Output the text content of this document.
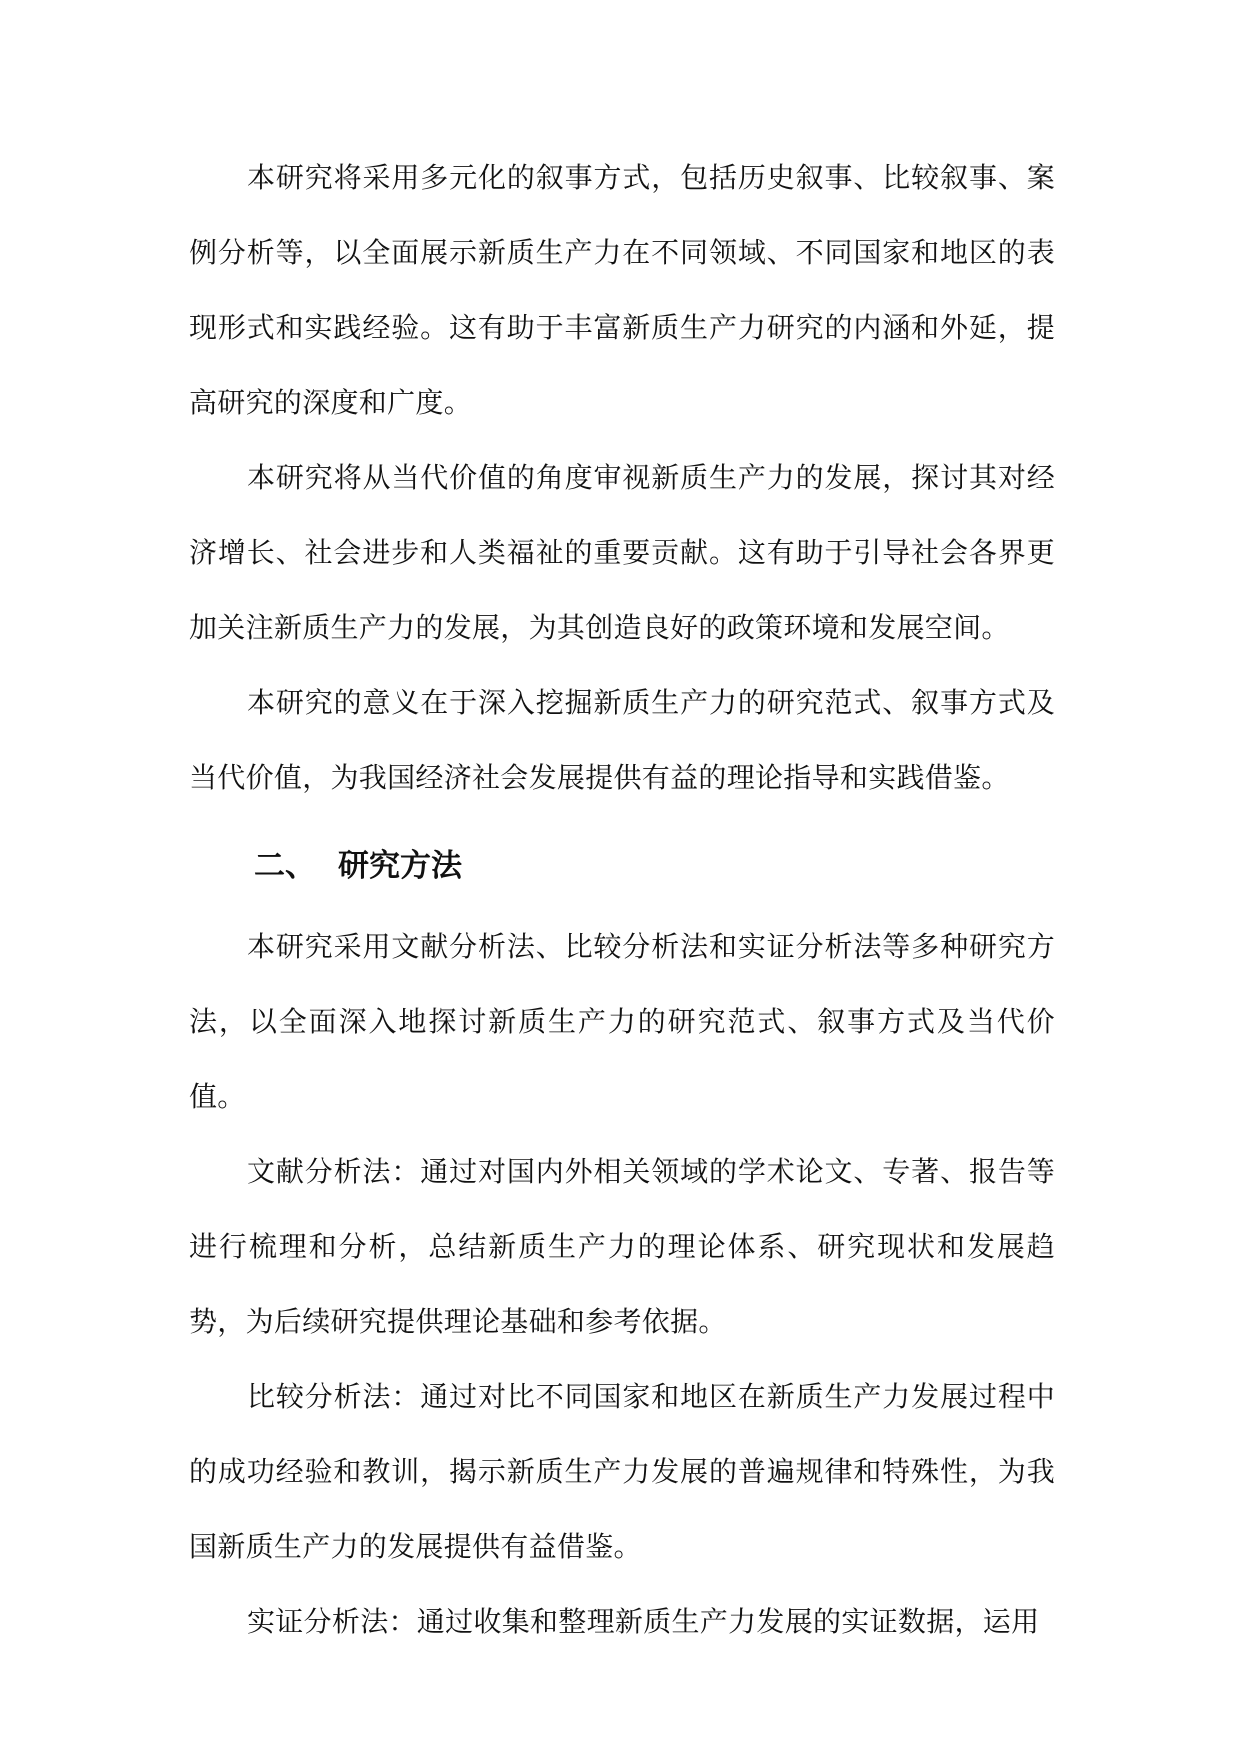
本研究将采用多元化的叙事方式，包括历史叙事、比较叙事、案例分析等，以全面展示新质生产力在不同领域、不同国家和地区的表现形式和实践经验。这有助于丰富新质生产力研究的内涵和外延，提高研究的深度和广度。

本研究将从当代价值的角度审视新质生产力的发展，探讨其对经济增长、社会进步和人类福祉的重要贡献。这有助于引导社会各界更加关注新质生产力的发展，为其创造良好的政策环境和发展空间。

本研究的意义在于深入挖掘新质生产力的研究范式、叙事方式及当代价值，为我国经济社会发展提供有益的理论指导和实践借鉴。

二、 研究方法

本研究采用文献分析法、比较分析法和实证分析法等多种研究方法，以全面深入地探讨新质生产力的研究范式、叙事方式及当代价值。

文献分析法：通过对国内外相关领域的学术论文、专著、报告等进行梳理和分析，总结新质生产力的理论体系、研究现状和发展趋势，为后续研究提供理论基础和参考依据。

比较分析法：通过对比不同国家和地区在新质生产力发展过程中的成功经验和教训，揭示新质生产力发展的普遍规律和特殊性，为我国新质生产力的发展提供有益借鉴。

实证分析法：通过收集和整理新质生产力发展的实证数据，运用
